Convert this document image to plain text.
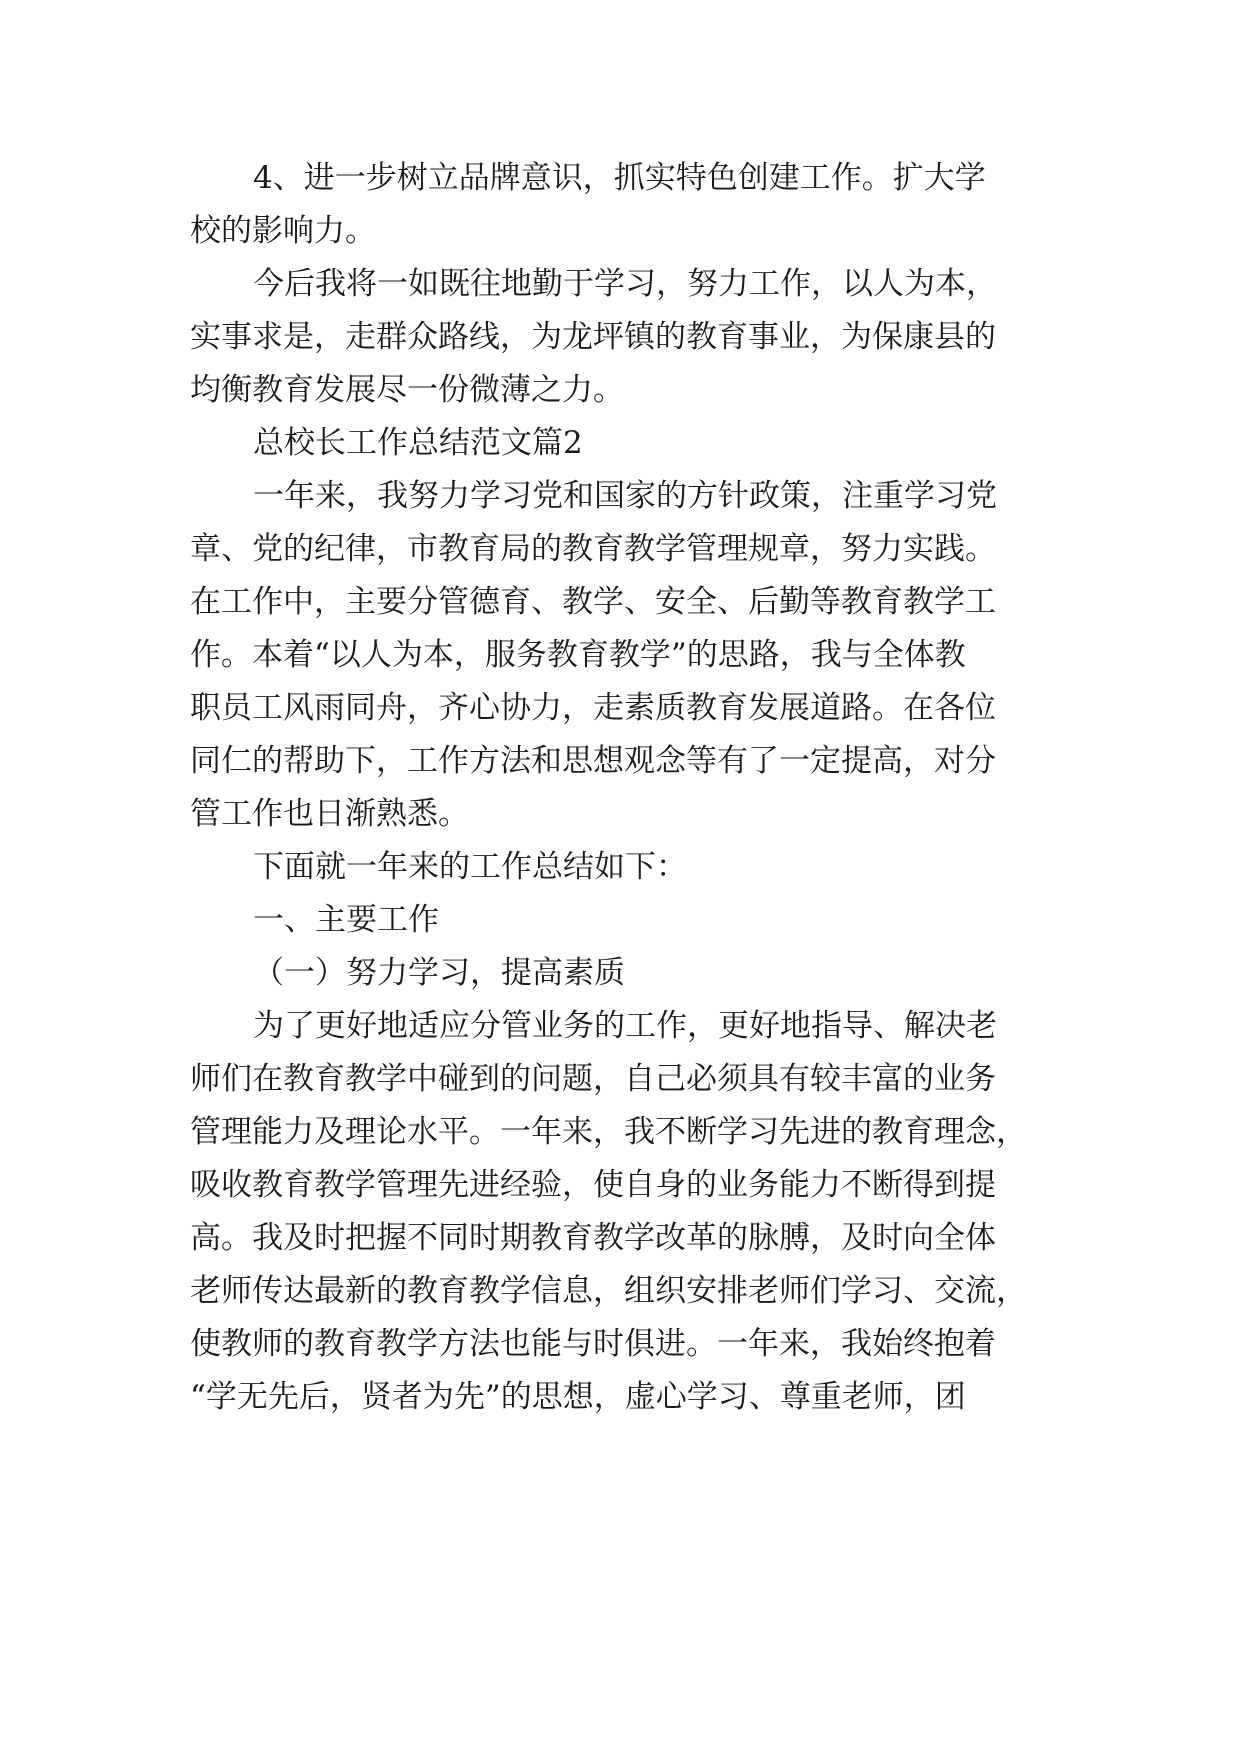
4、进一步树立品牌意识，抓实特色创建工作。扩大学
校的影响力。
今后我将一如既往地勤于学习，努力工作，以人为本，
实事求是，走群众路线，为龙坪镇的教育事业，为保康县的
均衡教育发展尽一份微薄之力。
总校长工作总结范文篇2
一年来，我努力学习党和国家的方针政策，注重学习党
章、党的纪律，市教育局的教育教学管理规章，努力实践。
在工作中，主要分管德育、教学、安全、后勤等教育教学工
作。本着“以人为本，服务教育教学”的思路，我与全体教
职员工风雨同舟，齐心协力，走素质教育发展道路。在各位
同仁的帮助下，工作方法和思想观念等有了一定提高，对分
管工作也日渐熟悉。
下面就一年来的工作总结如下：
一、主要工作
（一）努力学习，提高素质
为了更好地适应分管业务的工作，更好地指导、解决老
师们在教育教学中碰到的问题，自己必须具有较丰富的业务
管理能力及理论水平。一年来，我不断学习先进的教育理念，
吸收教育教学管理先进经验，使自身的业务能力不断得到提
高。我及时把握不同时期教育教学改革的脉膊，及时向全体
老师传达最新的教育教学信息，组织安排老师们学习、交流，
使教师的教育教学方法也能与时俱进。一年来，我始终抱着
“学无先后，贤者为先”的思想，虚心学习、尊重老师，团
